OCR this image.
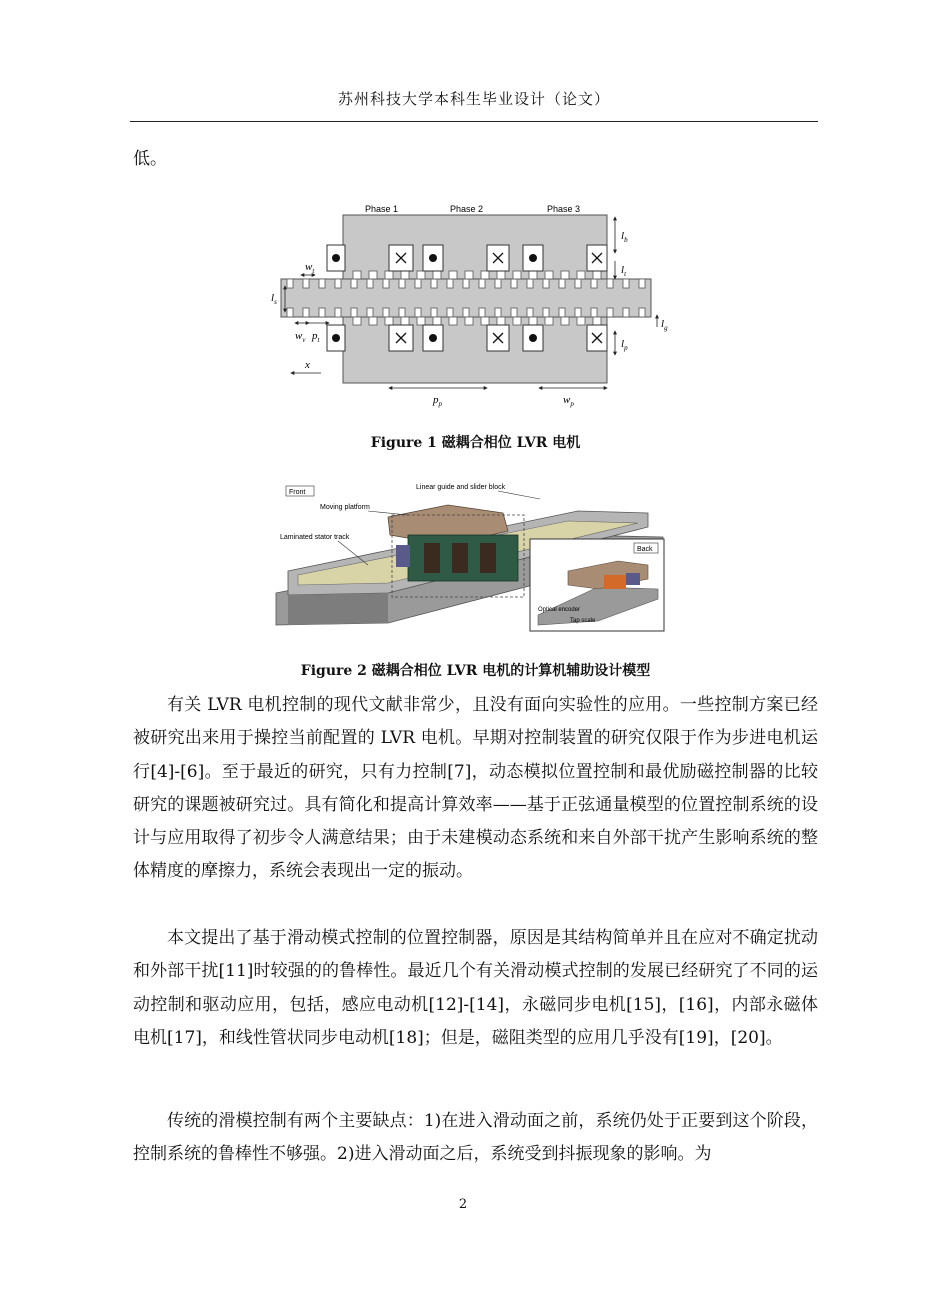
苏州科技大学本科生毕业设计（论文）

低。

Phase 1	Phase 2	Phase 3
$l_b$
$l_t$
$l_g$
$l_p$
$l_s$
$w_t$
$w_v$ $p_t$
x
$p_p$	$w_p$
Figure 1 磁耦合相位 LVR 电机
Front
Linear guide and slider block
Moving platform
Laminated stator track
Back
Optical encoder
Tap scale
Figure 2 磁耦合相位 LVR 电机的计算机辅助设计模型

有关 LVR 电机控制的现代文献非常少，且没有面向实验性的应用。一些控制方案已经被研究出来用于操控当前配置的 LVR 电机。早期对控制装置的研究仅限于作为步进电机运行[4]-[6]。至于最近的研究，只有力控制[7]，动态模拟位置控制和最优励磁控制器的比较研究的课题被研究过。具有简化和提高计算效率——基于正弦通量模型的位置控制系统的设计与应用取得了初步令人满意结果；由于未建模动态系统和来自外部干扰产生影响系统的整体精度的摩擦力，系统会表现出一定的振动。

本文提出了基于滑动模式控制的位置控制器，原因是其结构简单并且在应对不确定扰动和外部干扰[11]时较强的的鲁棒性。最近几个有关滑动模式控制的发展已经研究了不同的运动控制和驱动应用，包括，感应电动机[12]-[14]，永磁同步电机[15]，[16]，内部永磁体电机[17]，和线性管状同步电动机[18]；但是，磁阻类型的应用几乎没有[19]，[20]。

传统的滑模控制有两个主要缺点：1)在进入滑动面之前，系统仍处于正要到这个阶段，控制系统的鲁棒性不够强。2)进入滑动面之后，系统受到抖振现象的影响。为

2
